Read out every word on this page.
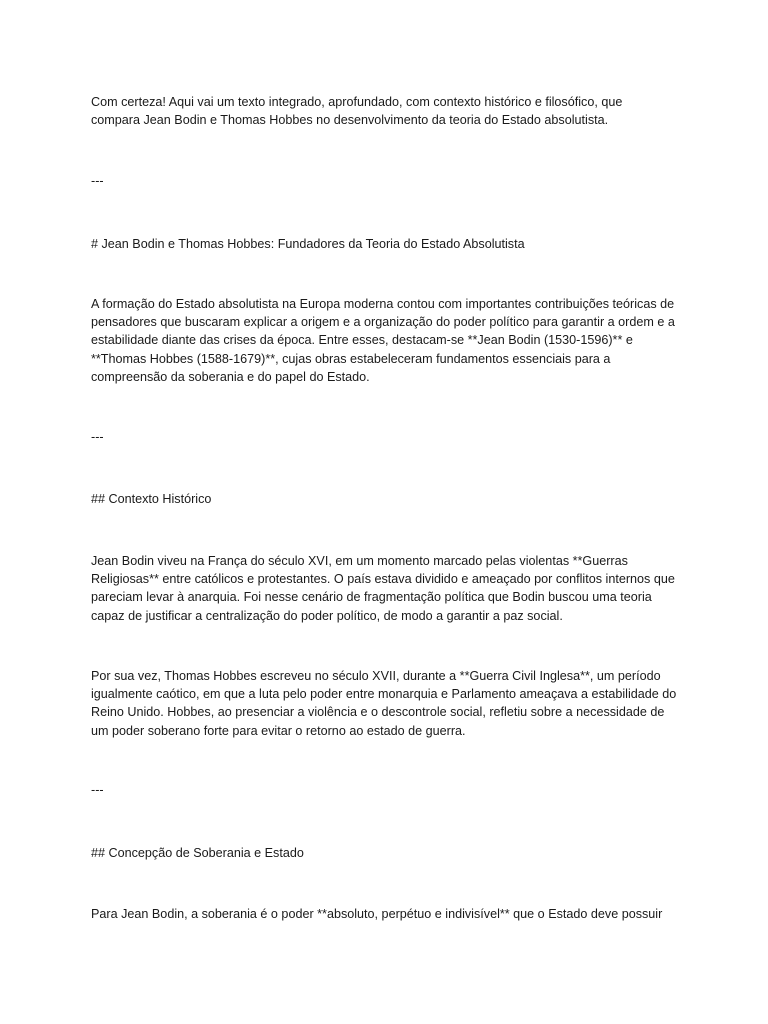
Com certeza! Aqui vai um texto integrado, aprofundado, com contexto histórico e filosófico, que
compara Jean Bodin e Thomas Hobbes no desenvolvimento da teoria do Estado absolutista.
---
# Jean Bodin e Thomas Hobbes: Fundadores da Teoria do Estado Absolutista
A formação do Estado absolutista na Europa moderna contou com importantes contribuições teóricas de
pensadores que buscaram explicar a origem e a organização do poder político para garantir a ordem e a
estabilidade diante das crises da época. Entre esses, destacam-se **Jean Bodin (1530-1596)** e
**Thomas Hobbes (1588-1679)**, cujas obras estabeleceram fundamentos essenciais para a
compreensão da soberania e do papel do Estado.
---
## Contexto Histórico
Jean Bodin viveu na França do século XVI, em um momento marcado pelas violentas **Guerras
Religiosas** entre católicos e protestantes. O país estava dividido e ameaçado por conflitos internos que
pareciam levar à anarquia. Foi nesse cenário de fragmentação política que Bodin buscou uma teoria
capaz de justificar a centralização do poder político, de modo a garantir a paz social.
Por sua vez, Thomas Hobbes escreveu no século XVII, durante a **Guerra Civil Inglesa**, um período
igualmente caótico, em que a luta pelo poder entre monarquia e Parlamento ameaçava a estabilidade do
Reino Unido. Hobbes, ao presenciar a violência e o descontrole social, refletiu sobre a necessidade de
um poder soberano forte para evitar o retorno ao estado de guerra.
---
## Concepção de Soberania e Estado
Para Jean Bodin, a soberania é o poder **absoluto, perpétuo e indivisível** que o Estado deve possuir
